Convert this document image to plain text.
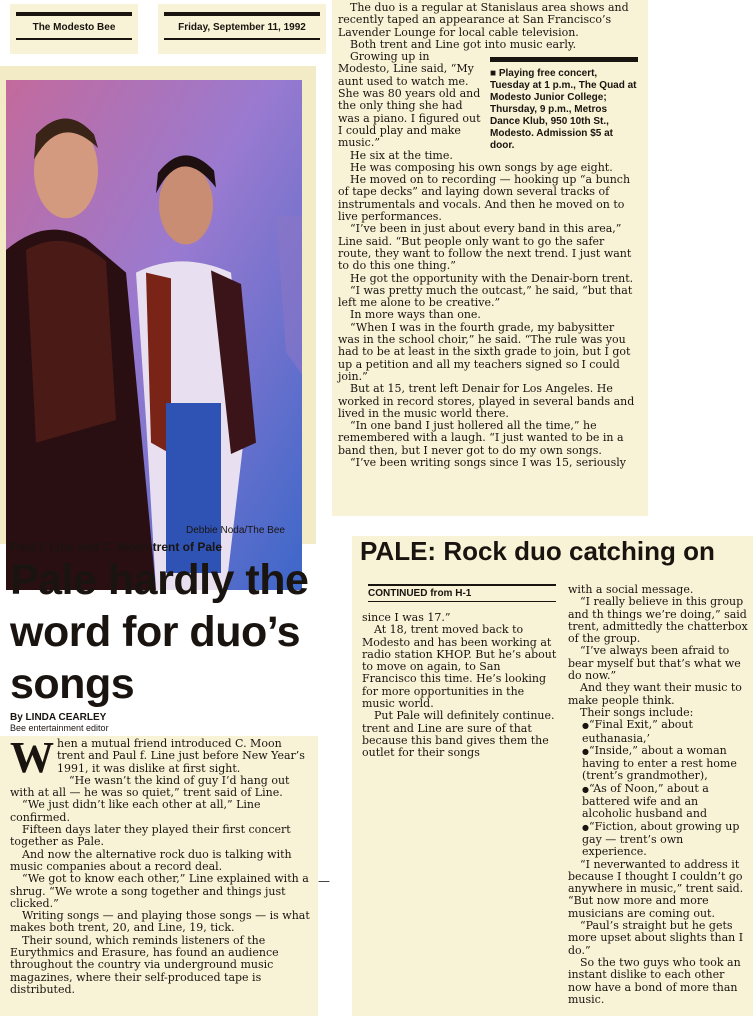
The Modesto Bee	Friday, September 11, 1992
Debbie Noda/The Bee
Paul f. Line and C. Moon trent of Pale
Pale hardly the word for duo’s songs
By LINDA CEARLEY
Bee entertainment editor

When a mutual friend introduced C. Moon trent and Paul f. Line just before New Year’s 1991, it was dislike at first sight.

“He wasn’t the kind of guy I’d hang out with at all — he was so quiet,” trent said of Line.

“We just didn’t like each other at all,” Line confirmed.

Fifteen days later they played their first concert together as Pale.

And now the alternative rock duo is talking with music companies about a record deal.

“We got to know each other,” Line explained with a shrug. “We wrote a song together and things just clicked.”

Writing songs — and playing those songs — is what makes both trent, 20, and Line, 19, tick.

Their sound, which reminds listeners of the Eurythmics and Erasure, has found an audience throughout the country via underground music magazines, where their self-produced tape is distributed.

—

The duo is a regular at Stanislaus area shows and recently taped an appearance at San Francisco’s Lavender Lounge for local cable television.

Both trent and Line got into music early.

■ Playing free concert, Tuesday at 1 p.m., The Quad at Modesto Junior College; Thursday, 9 p.m., Metros Dance Klub, 950 10th St., Modesto. Admission $5 at door.

Growing up in Modesto, Line said, “My aunt used to watch me. She was 80 years old and the only thing she had was a piano. I figured out I could play and make music.”

He six at the time.

He was composing his own songs by age eight.

He moved on to recording — hooking up “a bunch of tape decks” and laying down several tracks of instrumentals and vocals. And then he moved on to live performances.

“I’ve been in just about every band in this area,” Line said. “But people only want to go the safer route, they want to follow the next trend. I just want to do this one thing.”

He got the opportunity with the Denair-born trent.

“I was pretty much the outcast,” he said, “but that left me alone to be creative.”

In more ways than one.

“When I was in the fourth grade, my babysitter was in the school choir,” he said. “The rule was you had to be at least in the sixth grade to join, but I got up a petition and all my teachers signed so I could join.”

But at 15, trent left Denair for Los Angeles. He worked in record stores, played in several bands and lived in the music world there.

“In one band I just hollered all the time,” he remembered with a laugh. “I just wanted to be in a band then, but I never got to do my own songs.

“I’ve been writing songs since I was 15, seriously

PALE: Rock duo catching on
CONTINUED from H-1

since I was 17.”

At 18, trent moved back to Modesto and has been working at radio station KHOP. But he’s about to move on again, to San Francisco this time. He’s looking for more opportunities in the music world.

Put Pale will definitely continue. trent and Line are sure of that because this band gives them the outlet for their songs

with a social message.

“I really believe in this group and th things we’re doing,” said trent, admittedly the chatterbox of the group.

“I’ve always been afraid to bear myself but that’s what we do now.”

And they want their music to make people think.

Their songs include:

● “Final Exit,” about euthanasia,’

● “Inside,” about a woman having to enter a rest home (trent’s grandmother),

● “As of Noon,” about a battered wife and an alcoholic husband and

● “Fiction, about growing up gay — trent’s own experience.

“I neverwanted to address it because I thought I couldn’t go anywhere in music,” trent said. “But now more and more musicians are coming out.

“Paul’s straight but he gets more upset about slights than I do.”

So the two guys who took an instant dislike to each other now have a bond of more than music.
